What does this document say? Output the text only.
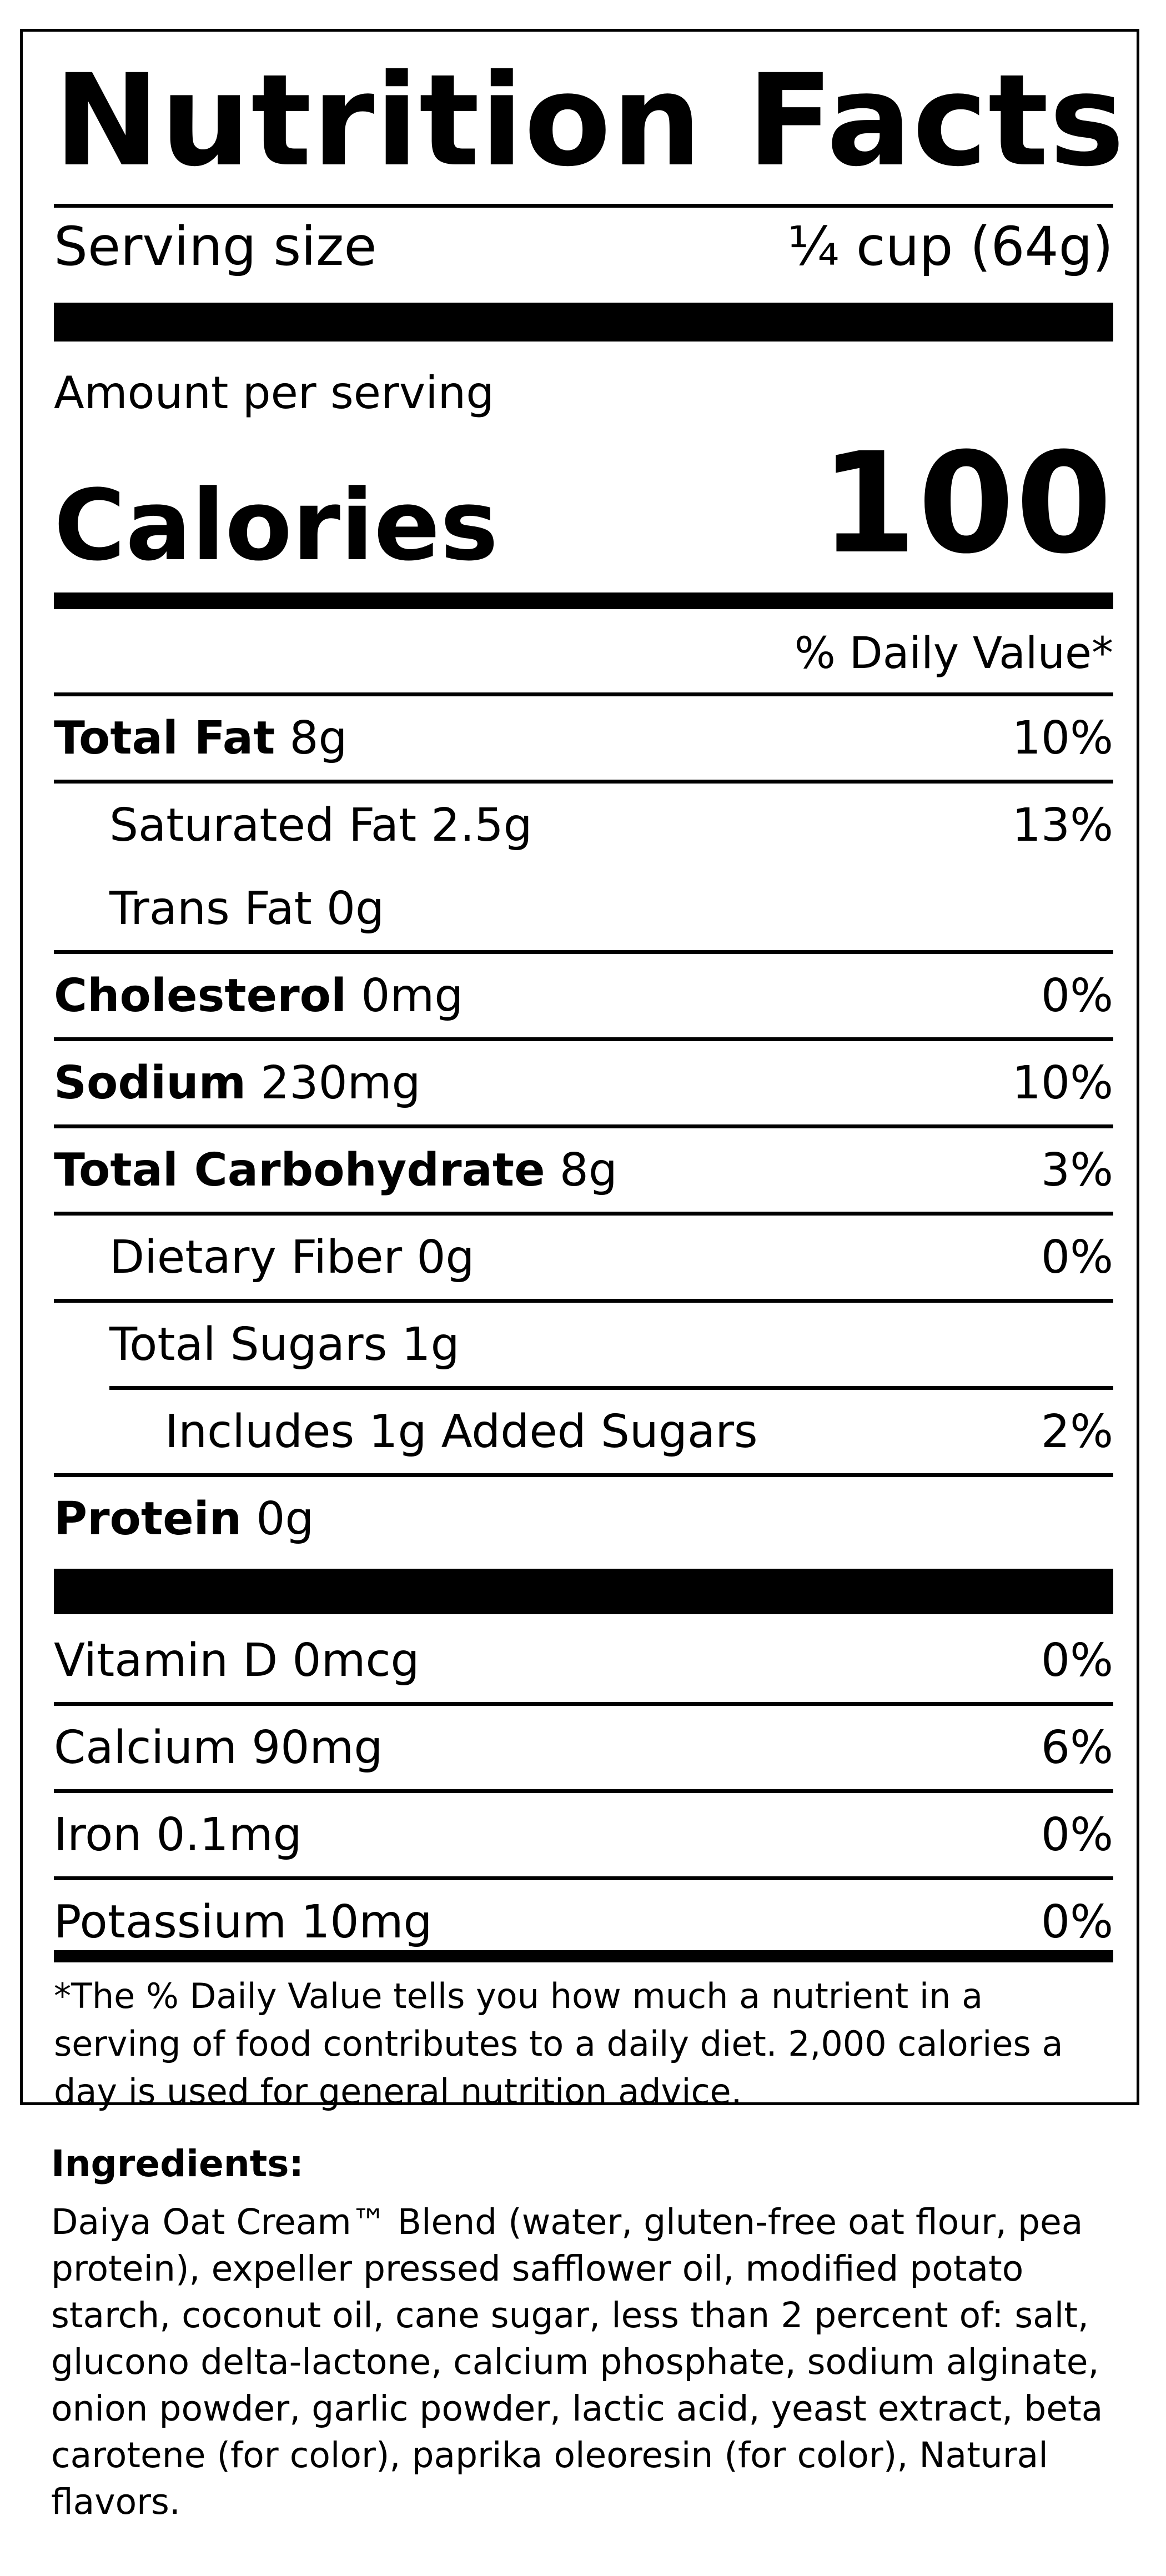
Nutrition Facts
Serving size	¼ cup (64g)
Amount per serving
Calories 100
% Daily Value*
Total Fat 8g	10%
Saturated Fat 2.5g	13%
Trans Fat 0g
Cholesterol 0mg	0%
Sodium 230mg	10%
Total Carbohydrate 8g	3%
Dietary Fiber 0g	0%
Total Sugars 1g
Includes 1g Added Sugars	2%
Protein 0g
Vitamin D 0mcg	0%
Calcium 90mg	6%
Iron 0.1mg	0%
Potassium 10mg	0%
*The % Daily Value tells you how much a nutrient in a serving of food contributes to a daily diet. 2,000 calories a day is used for general nutrition advice.
Ingredients:
Daiya Oat Cream™ Blend (water, gluten-free oat flour, pea protein), expeller pressed safflower oil, modified potato starch, coconut oil, cane sugar, less than 2 percent of: salt, glucono delta-lactone, calcium phosphate, sodium alginate, onion powder, garlic powder, lactic acid, yeast extract, beta carotene (for color), paprika oleoresin (for color), Natural flavors.
